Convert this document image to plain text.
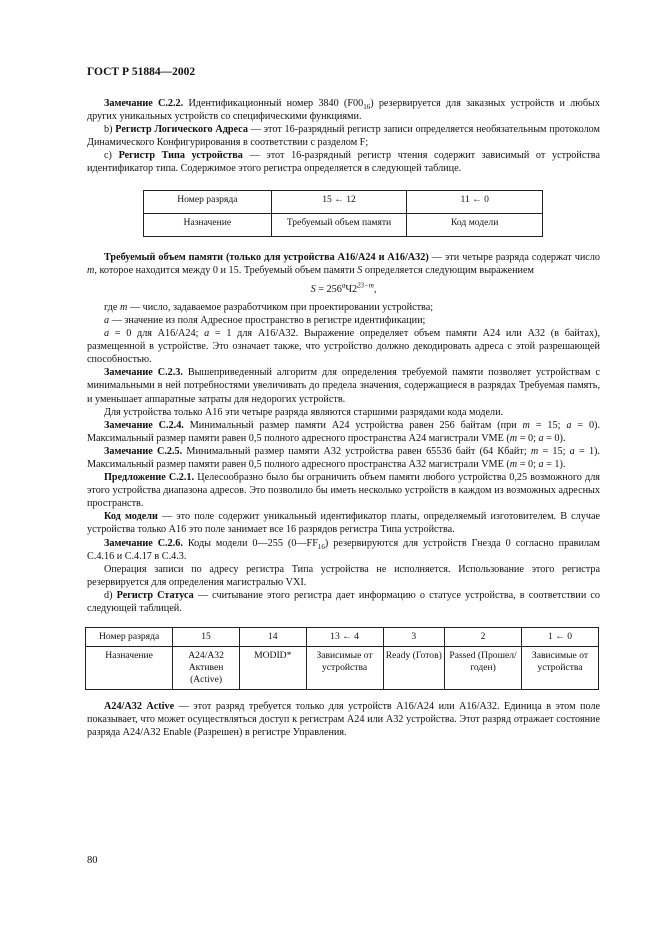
ГОСТ Р 51884—2002

Замечание С.2.2. Идентификационный номер 3840 $(F00_{16})$ резервируется для заказных устройств и любых других уникальных устройств со специфическими функциями.

b) Регистр Логического Адреса — этот 16-разрядный регистр записи определяется необязательным протоколом Динамического Конфигурирования в соответствии с разделом F;

c) Регистр Типа устройства — этот 16-разрядный регистр чтения содержит зависимый от устройства идентификатор типа. Содержимое этого регистра определяется в следующей таблице.

Номер разряда	15 ← 12	11 ← 0
Назначение	Требуемый объем памяти	Код модели

Требуемый объем памяти (только для устройства А16/А24 и А16/А32) — эти четыре разряда содержат число m, которое находится между 0 и 15. Требуемый объем памяти S определяется следующим выражением

$S = 256^aЧ2^{23-m}$,

где m — число, задаваемое разработчиком при проектировании устройства;

a — значение из поля Адресное пространство в регистре идентификации;

a = 0 для А16/А24; a = 1 для А16/А32. Выражение определяет объем памяти А24 или А32 (в байтах), размещенной в устройстве. Это означает также, что устройство должно декодировать адреса с этой разрешающей способностью.

Замечание С.2.3. Вышеприведенный алгоритм для определения требуемой памяти позволяет устройствам с минимальными в ней потребностями увеличивать до предела значения, содержащиеся в разрядах Требуемая память, и уменьшает аппаратные затраты для недорогих устройств.

Для устройства только А16 эти четыре разряда являются старшими разрядами кода модели.

Замечание С.2.4. Минимальный размер памяти А24 устройства равен 256 байтам (при m = 15; a = 0). Максимальный размер памяти равен 0,5 полного адресного пространства А24 магистрали VME (m = 0; a = 0).

Замечание С.2.5. Минимальный размер памяти А32 устройства равен 65536 байт (64 Кбайт; m = 15; a = 1). Максимальный размер памяти равен 0,5 полного адресного пространства А32 магистрали VME (m = 0; a = 1).

Предложение С.2.1. Целесообразно было бы ограничить объем памяти любого устройства 0,25 возможного для этого устройства диапазона адресов. Это позволило бы иметь несколько устройств в каждом из возможных адресных пространств.

Код модели — это поле содержит уникальный идентификатор платы, определяемый изготовителем. В случае устройства только А16 это поле занимает все 16 разрядов регистра Типа устройства.

Замечание С.2.6. Коды модели 0—255 $(0—FF_{16})$ резервируются для устройств Гнезда 0 согласно правилам С.4.16 и С.4.17 в С.4.3.

Операция записи по адресу регистра Типа устройства не исполняется. Использование этого регистра резервируется для определения магистралью VXI.

d) Регистр Статуса — считывание этого регистра дает информацию о статусе устройства, в соответствии со следующей таблицей.

Номер разряда	15	14	13 ← 4	3	2	1 ← 0
Назначение	А24/А32 Активен (Active)	MODID*	Зависимые от устройства	Ready (Готов)	Passed (Прошел/годен)	Зависимые от устройства

А24/А32 Active — этот разряд требуется только для устройств А16/А24 или А16/А32. Единица в этом поле показывает, что может осуществляться доступ к регистрам А24 или А32 устройства. Этот разряд отражает состояние разряда А24/А32 Enable (Разрешен) в регистре Управления.

80
